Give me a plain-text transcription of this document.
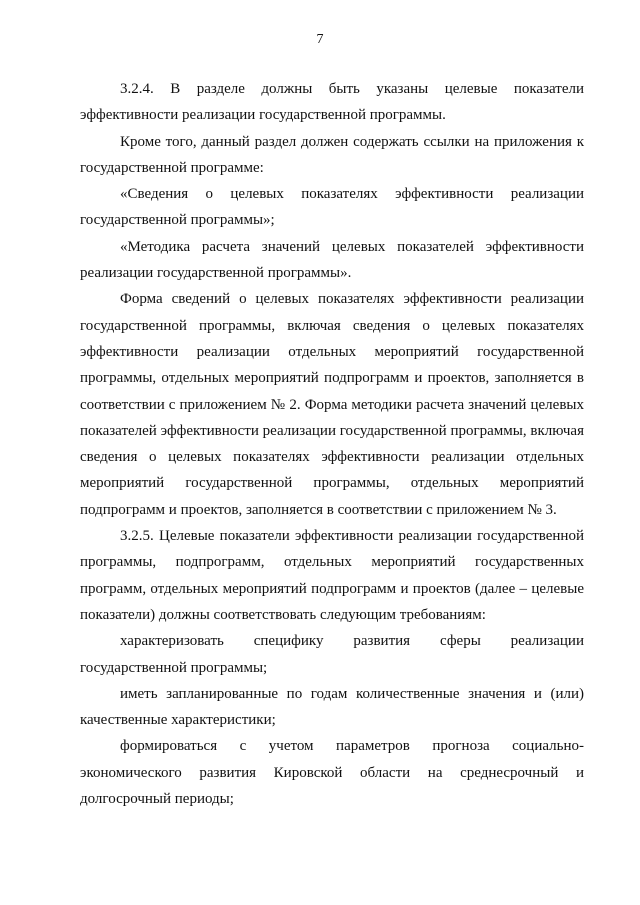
7

3.2.4. В разделе должны быть указаны целевые показатели эффективности реализации государственной программы.

Кроме того, данный раздел должен содержать ссылки на приложения к государственной программе:

«Сведения о целевых показателях эффективности реализации государственной программы»;

«Методика расчета значений целевых показателей эффективности реализации государственной программы».

Форма сведений о целевых показателях эффективности реализации государственной программы, включая сведения о целевых показателях эффективности реализации отдельных мероприятий государственной программы, отдельных мероприятий подпрограмм и проектов, заполняется в соответствии с приложением № 2. Форма методики расчета значений целевых показателей эффективности реализации государственной программы, включая сведения о целевых показателях эффективности реализации отдельных мероприятий государственной программы, отдельных мероприятий подпрограмм и проектов, заполняется в соответствии с приложением № 3.

3.2.5. Целевые показатели эффективности реализации государственной программы, подпрограмм, отдельных мероприятий государственных программ, отдельных мероприятий подпрограмм и проектов (далее – целевые показатели) должны соответствовать следующим требованиям:

характеризовать специфику развития сферы реализации государственной программы;

иметь запланированные по годам количественные значения и (или) качественные характеристики;

формироваться с учетом параметров прогноза социально-экономического развития Кировской области на среднесрочный и долгосрочный периоды;
